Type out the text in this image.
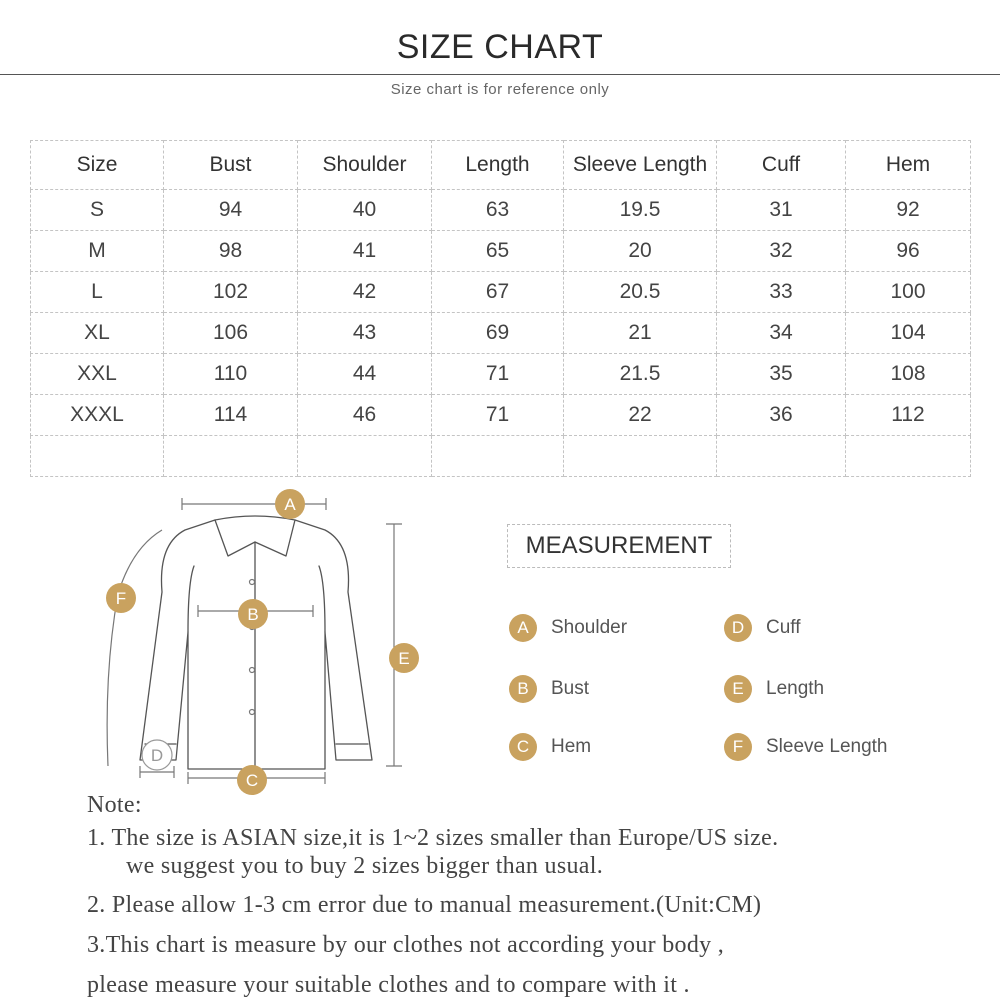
SIZE CHART
Size chart is for reference only
Size	Bust	Shoulder	Length	Sleeve Length	Cuff	Hem
S	94	40	63	19.5	31	92
M	98	41	65	20	32	96
L	102	42	67	20.5	33	100
XL	106	43	69	21	34	104
XXL	110	44	71	21.5	35	108
XXXL	114	46	71	22	36	112

A
B
C
D
E
F
MEASUREMENT
A	Shoulder
B	Bust
C	Hem
D	Cuff
E	Length
F	Sleeve Length
Note:
1. The size is ASIAN size,it is 1~2 sizes smaller than Europe/US size.
we suggest you to buy 2 sizes bigger than usual.
2. Please allow 1-3 cm error due to manual measurement.(Unit:CM)
3.This chart is measure by our clothes not according your body ,
please measure your suitable clothes and to compare with it .
